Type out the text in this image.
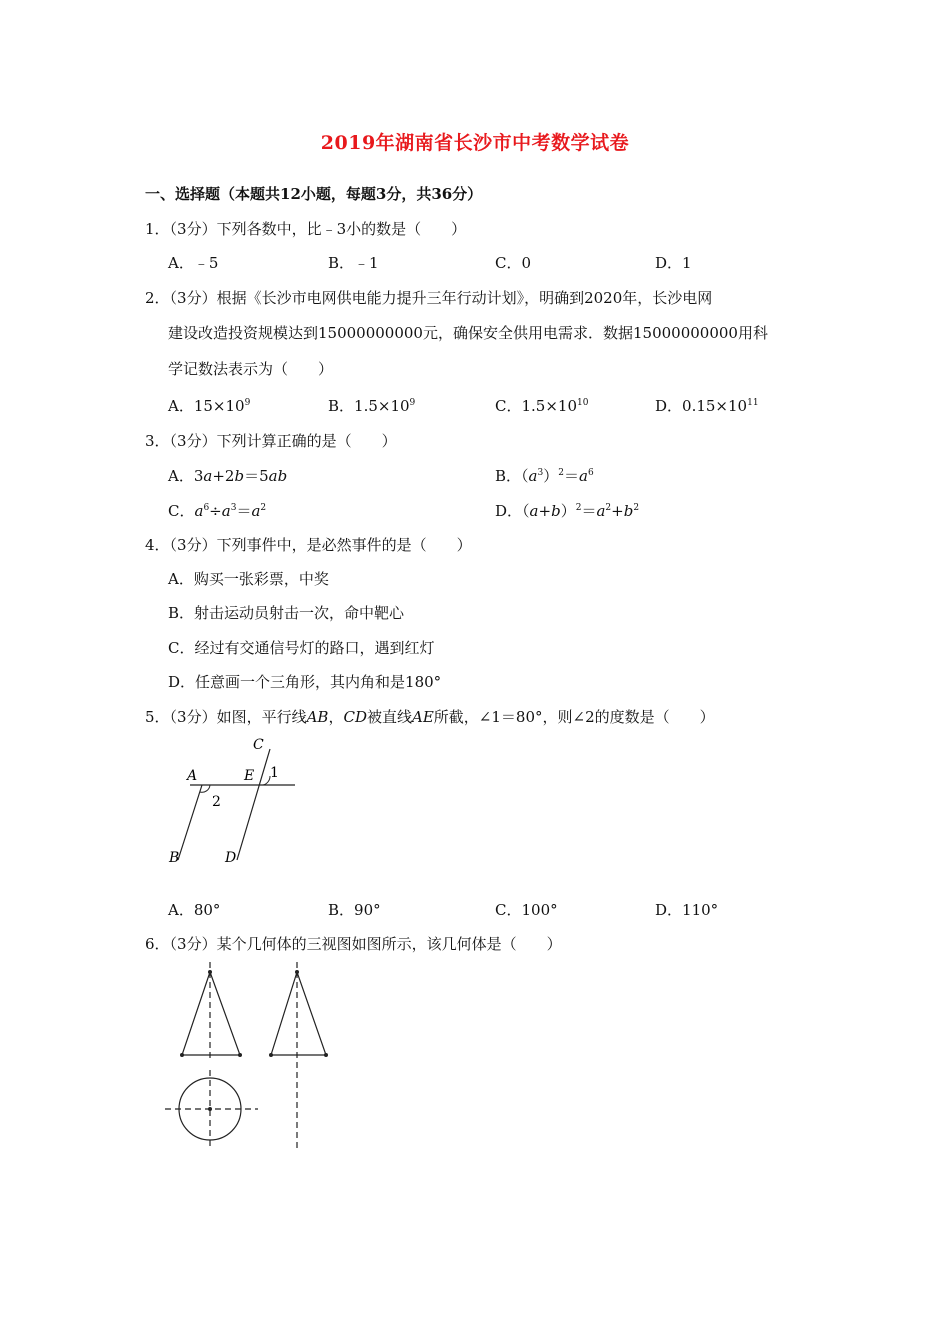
2019年湖南省长沙市中考数学试卷
一、选择题（本题共12小题，每题3分，共36分）
1．（3分）下列各数中，比﹣3小的数是（　　）
A．﹣5	B．﹣1	C．0	D．1
2．（3分）根据《长沙市电网供电能力提升三年行动计划》，明确到2020年，长沙电网
建设改造投资规模达到15000000000元，确保安全供用电需求．数据15000000000用科
学记数法表示为（　　）
A．$15\times 10^9$	B．$1.5\times 10^9$	C．$1.5\times 10^{10}$	D．$0.15\times 10^{11}$
3．（3分）下列计算正确的是（　　）
A．3a+2b＝5ab	B．$(a^3)^2=a^6$
C．$a^6\div a^3=a^2$	D．$(a+b)^2=a^2+b^2$
4．（3分）下列事件中，是必然事件的是（　　）
A．购买一张彩票，中奖
B．射击运动员射击一次，命中靶心
C．经过有交通信号灯的路口，遇到红灯
D．任意画一个三角形，其内角和是180°
5．（3分）如图，平行线AB，CD被直线AE所截，∠1＝80°，则∠2的度数是（　　）
C
A	E 1
2
B	D
A．80°	B．90°	C．100°	D．110°
6．（3分）某个几何体的三视图如图所示，该几何体是（　　）
